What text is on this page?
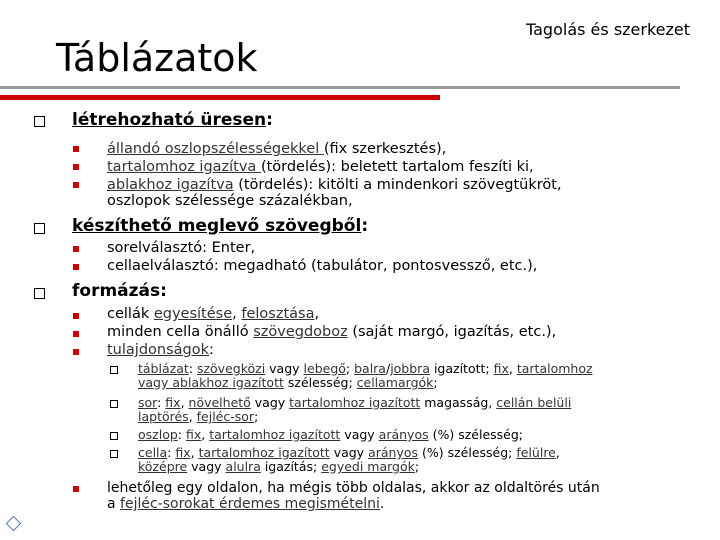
Tagolás és szerkezet
Táblázatok
létrehozható üresen:
állandó oszlopszélességekkel (fix szerkesztés),
tartalomhoz igazítva (tördelés): beletett tartalom feszíti ki,
ablakhoz igazítva (tördelés): kitölti a mindenkori szövegtükröt,
oszlopok szélessége százalékban,
készíthető meglevő szövegből:
sorelválasztó: Enter,
cellaelválasztó: megadható (tabulátor, pontosvessző, etc.),
formázás:
cellák egyesítése, felosztása,
minden cella önálló szövegdoboz (saját margó, igazítás, etc.),
tulajdonságok:
táblázat: szövegközi vagy lebegő; balra/jobbra igazított; fix, tartalomhoz
vagy ablakhoz igazított szélesség; cellamargók;
sor: fix, növelhető vagy tartalomhoz igazított magasság, cellán belüli
laptörés, fejléc-sor;
oszlop: fix, tartalomhoz igazított vagy arányos (%) szélesség;
cella: fix, tartalomhoz igazított vagy arányos (%) szélesség; felülre,
középre vagy alulra igazítás; egyedi margók;
lehetőleg egy oldalon, ha mégis több oldalas, akkor az oldaltörés után
a fejléc-sorokat érdemes megismételni.
